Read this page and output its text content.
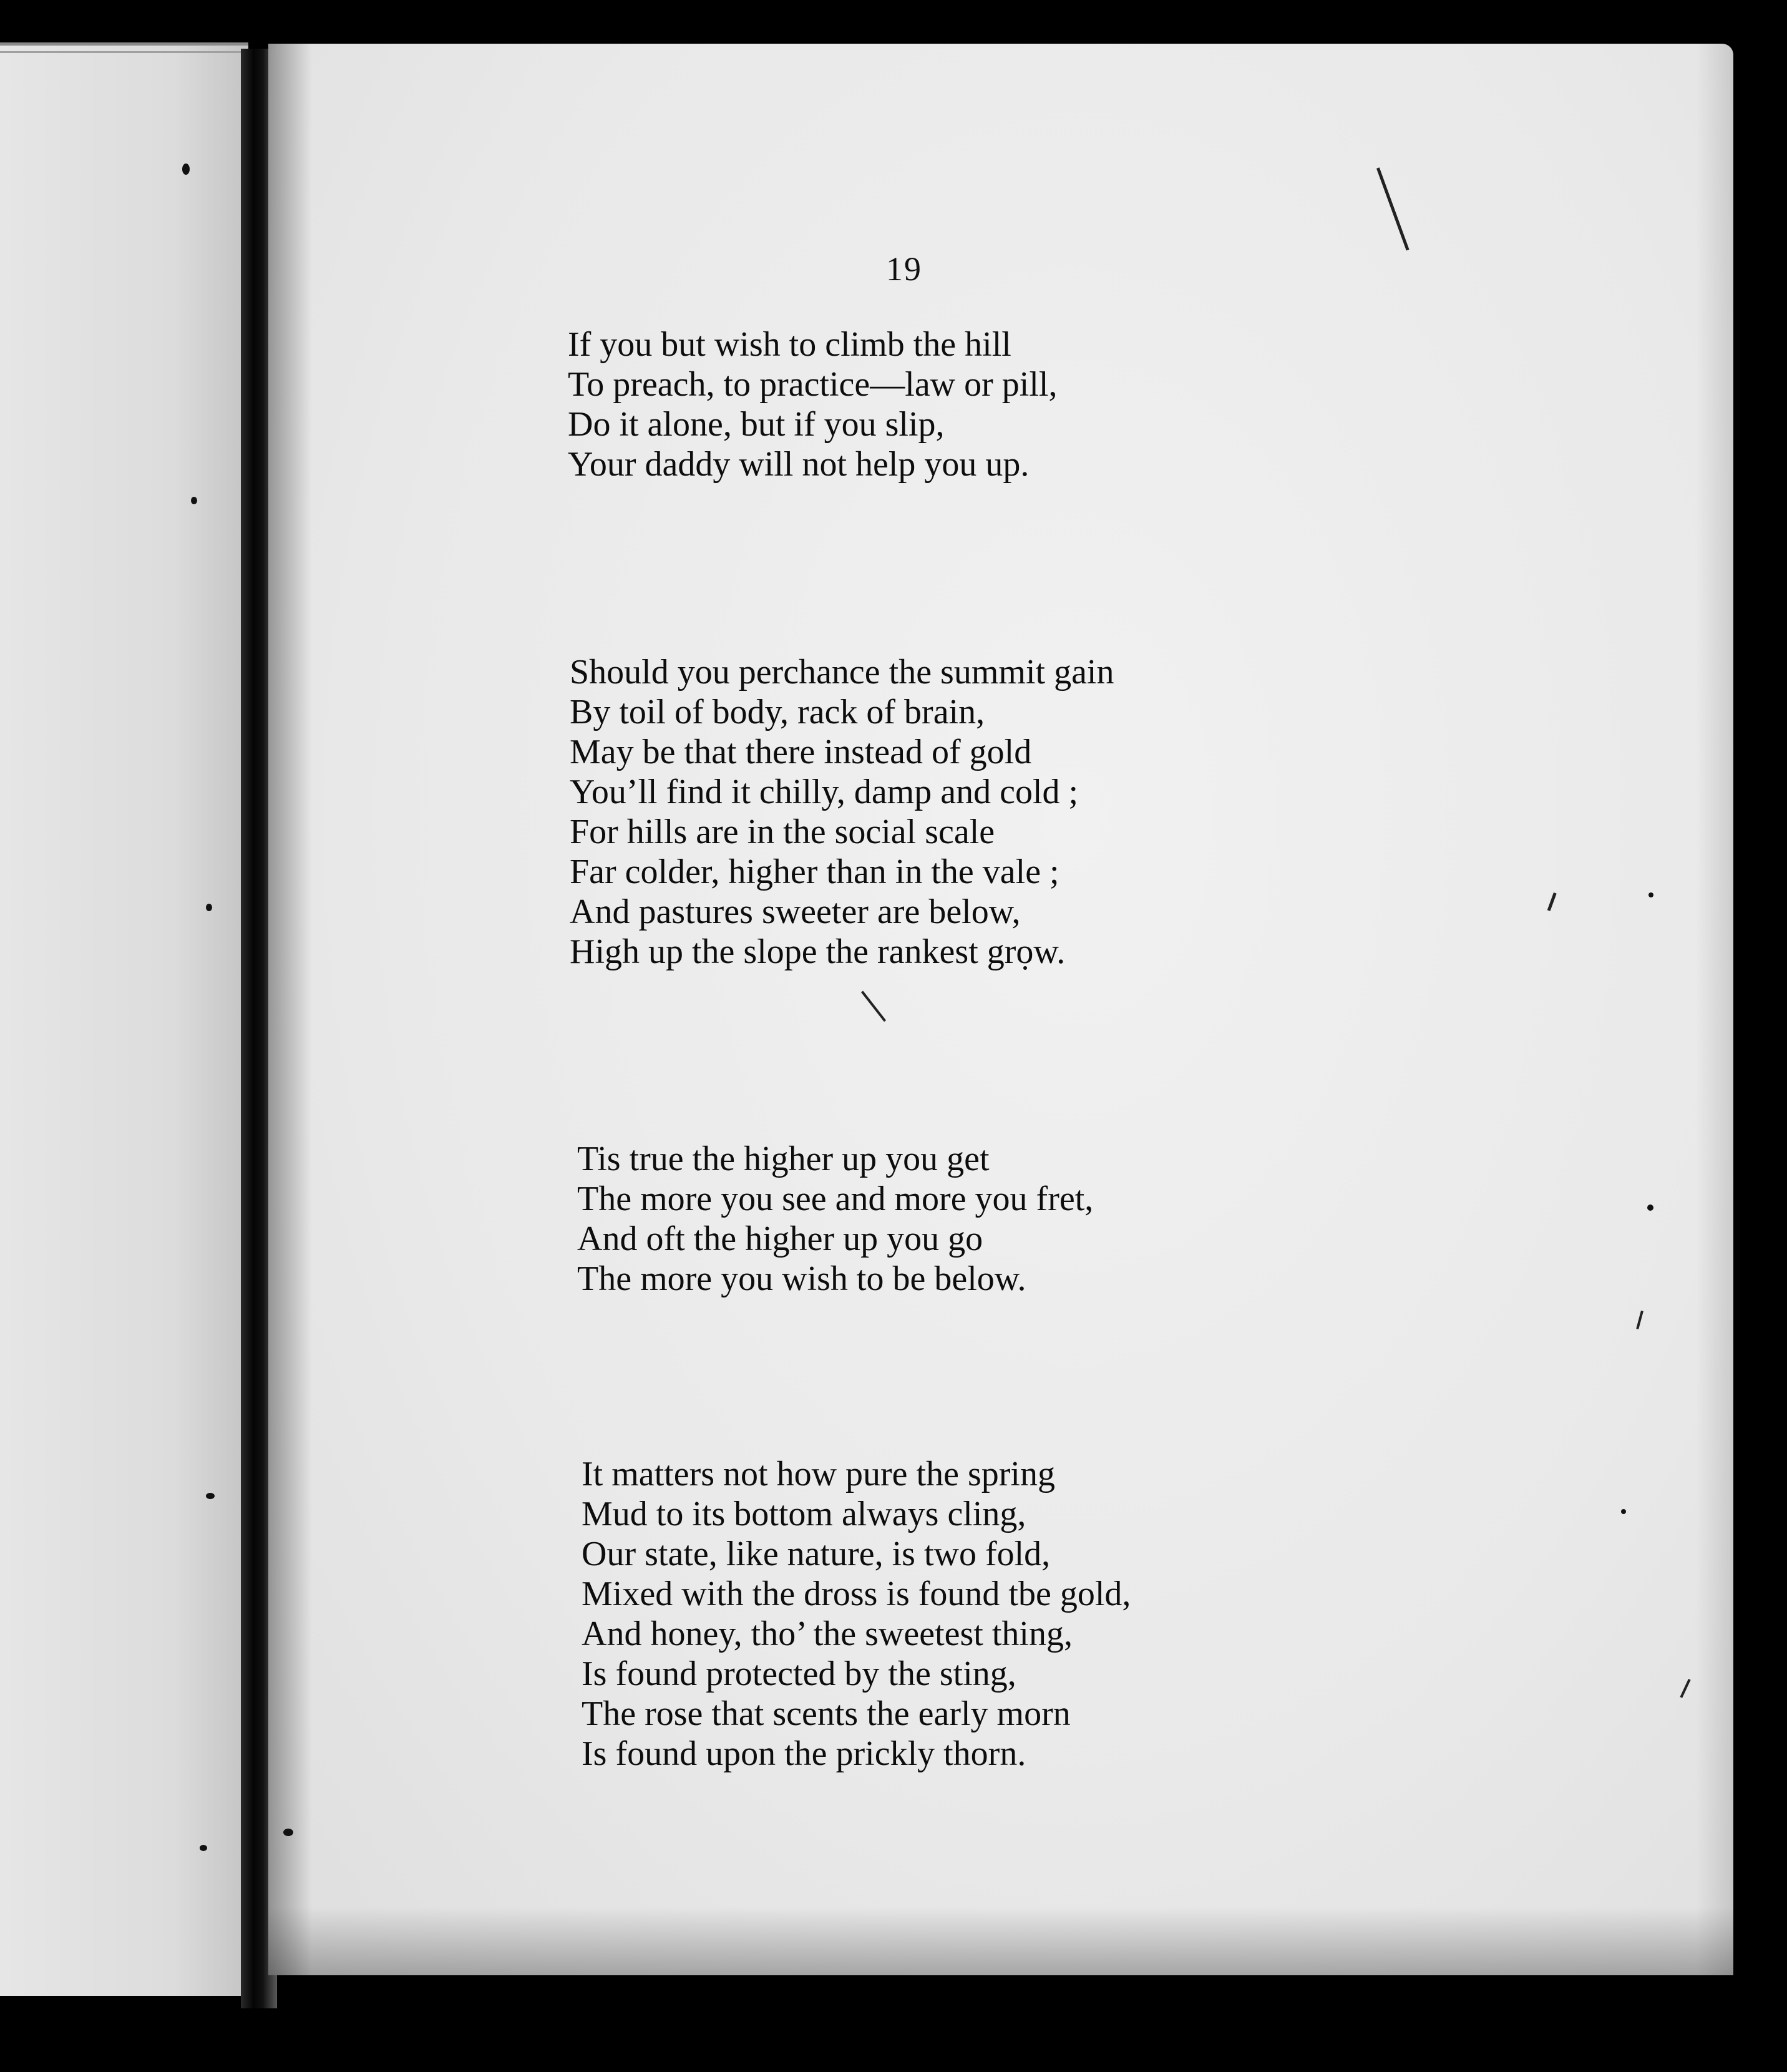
19
If you but wish to climb the hill
To preach, to practice—law or pill,
Do it alone, but if you slip,
Your daddy will not help you up.
Should you perchance the summit gain
By toil of body, rack of brain,
May be that there instead of gold
You’ll find it chilly, damp and cold ;
For hills are in the social scale
Far colder, higher than in the vale ;
And pastures sweeter are below,
High up the slope the rankest grow.
Tis true the higher up you get
The more you see and more you fret,
And oft the higher up you go
The more you wish to be below.
It matters not how pure the spring
Mud to its bottom always cling,
Our state, like nature, is two fold,
Mixed with the dross is found tbe gold,
And honey, tho’ the sweetest thing,
Is found protected by the sting,
The rose that scents the early morn
Is found upon the prickly thorn.
